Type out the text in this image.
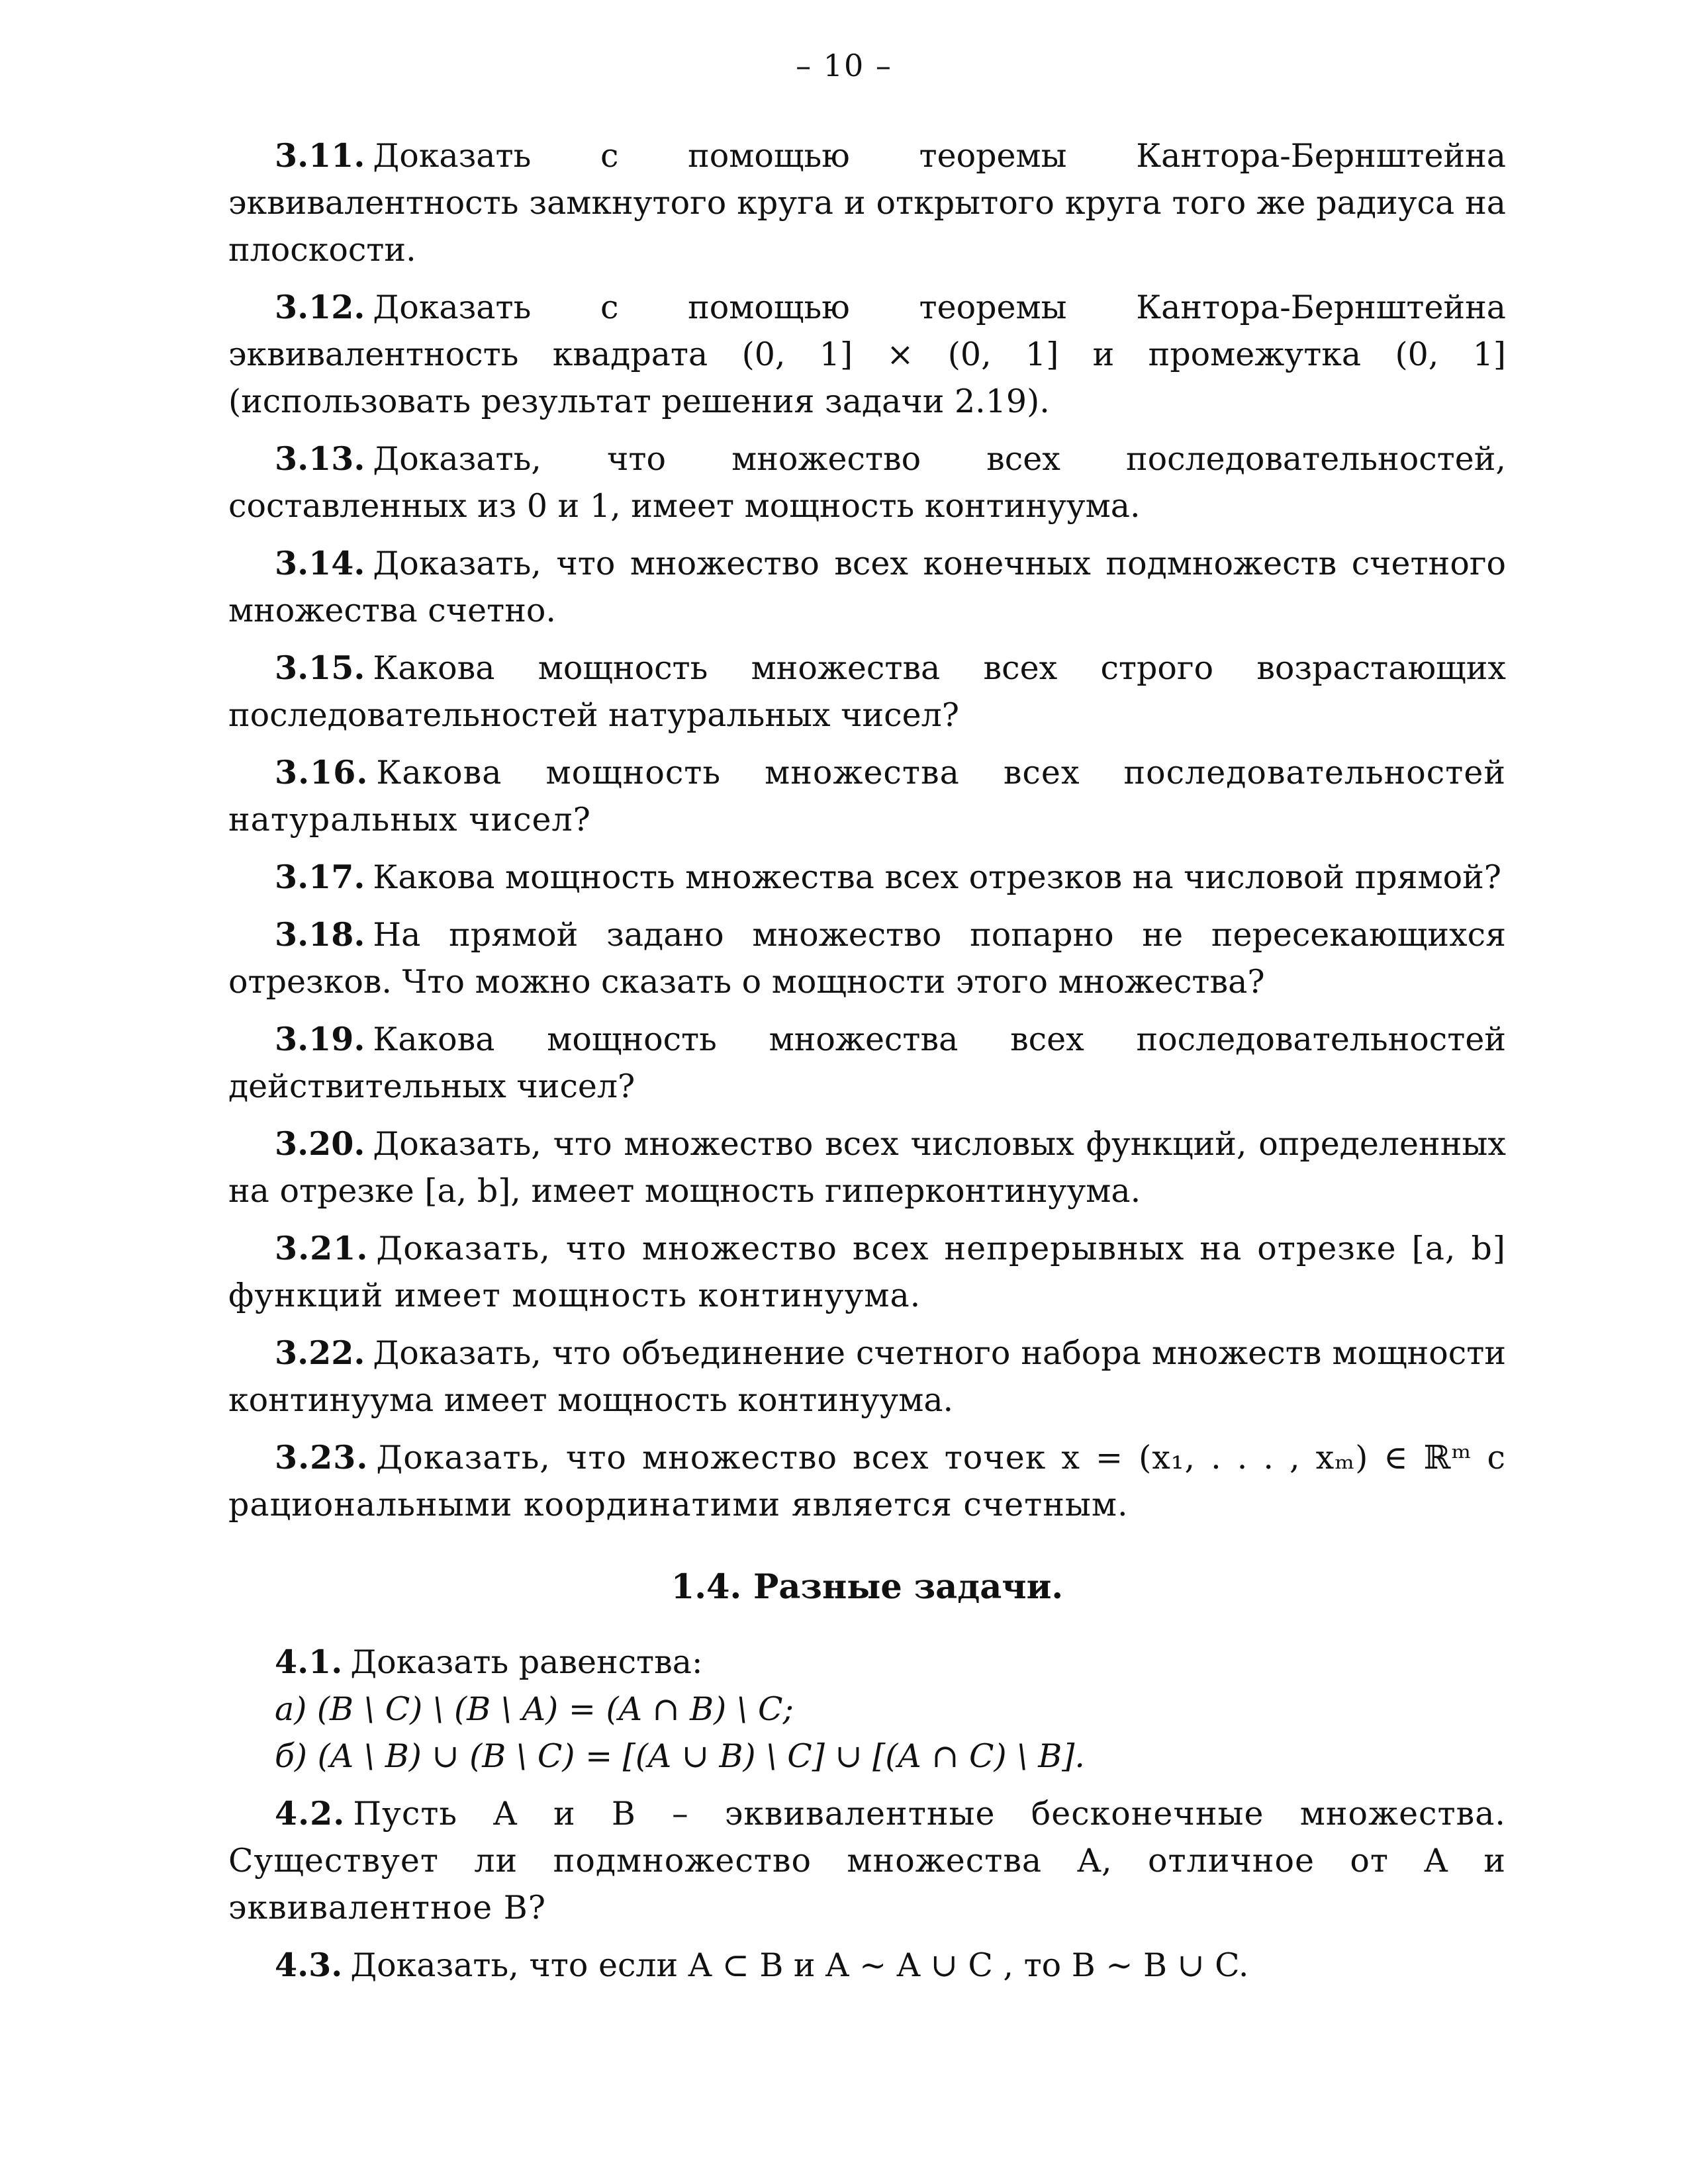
– 10 –

3.11. Доказать с помощью теоремы Кантора-Бернштейна эквивалентность замкнутого круга и открытого круга того же радиуса на плоскости.

3.12. Доказать с помощью теоремы Кантора-Бернштейна эквивалентность квадрата (0, 1] × (0, 1] и промежутка (0, 1] (использовать результат решения задачи 2.19).

3.13. Доказать, что множество всех последовательностей, составленных из 0 и 1, имеет мощность континуума.

3.14. Доказать, что множество всех конечных подмножеств счетного множества счетно.

3.15. Какова мощность множества всех строго возрастающих последовательностей натуральных чисел?

3.16. Какова мощность множества всех последовательностей натуральных чисел?

3.17. Какова мощность множества всех отрезков на числовой прямой?

3.18. На прямой задано множество попарно не пересекающихся отрезков. Что можно сказать о мощности этого множества?

3.19. Какова мощность множества всех последовательностей действительных чисел?

3.20. Доказать, что множество всех числовых функций, определенных на отрезке [a, b], имеет мощность гиперконтинуума.

3.21. Доказать, что множество всех непрерывных на отрезке [a, b] функций имеет мощность континуума.

3.22. Доказать, что объединение счетного набора множеств мощности континуума имеет мощность континуума.

3.23. Доказать, что множество всех точек x = (x₁, . . . , xₘ) ∈ ℝᵐ с рациональными координатими является счетным.

1.4. Разные задачи.

4.1. Доказать равенства:

а) (B \ C) \ (B \ A) = (A ∩ B) \ C;

б) (A \ B) ∪ (B \ C) = [(A ∪ B) \ C] ∪ [(A ∩ C) \ B].

4.2. Пусть A и B – эквивалентные бесконечные множества. Существует ли подмножество множества A, отличное от A и эквивалентное B?

4.3. Доказать, что если A ⊂ B и A ∼ A ∪ C , то B ∼ B ∪ C.
